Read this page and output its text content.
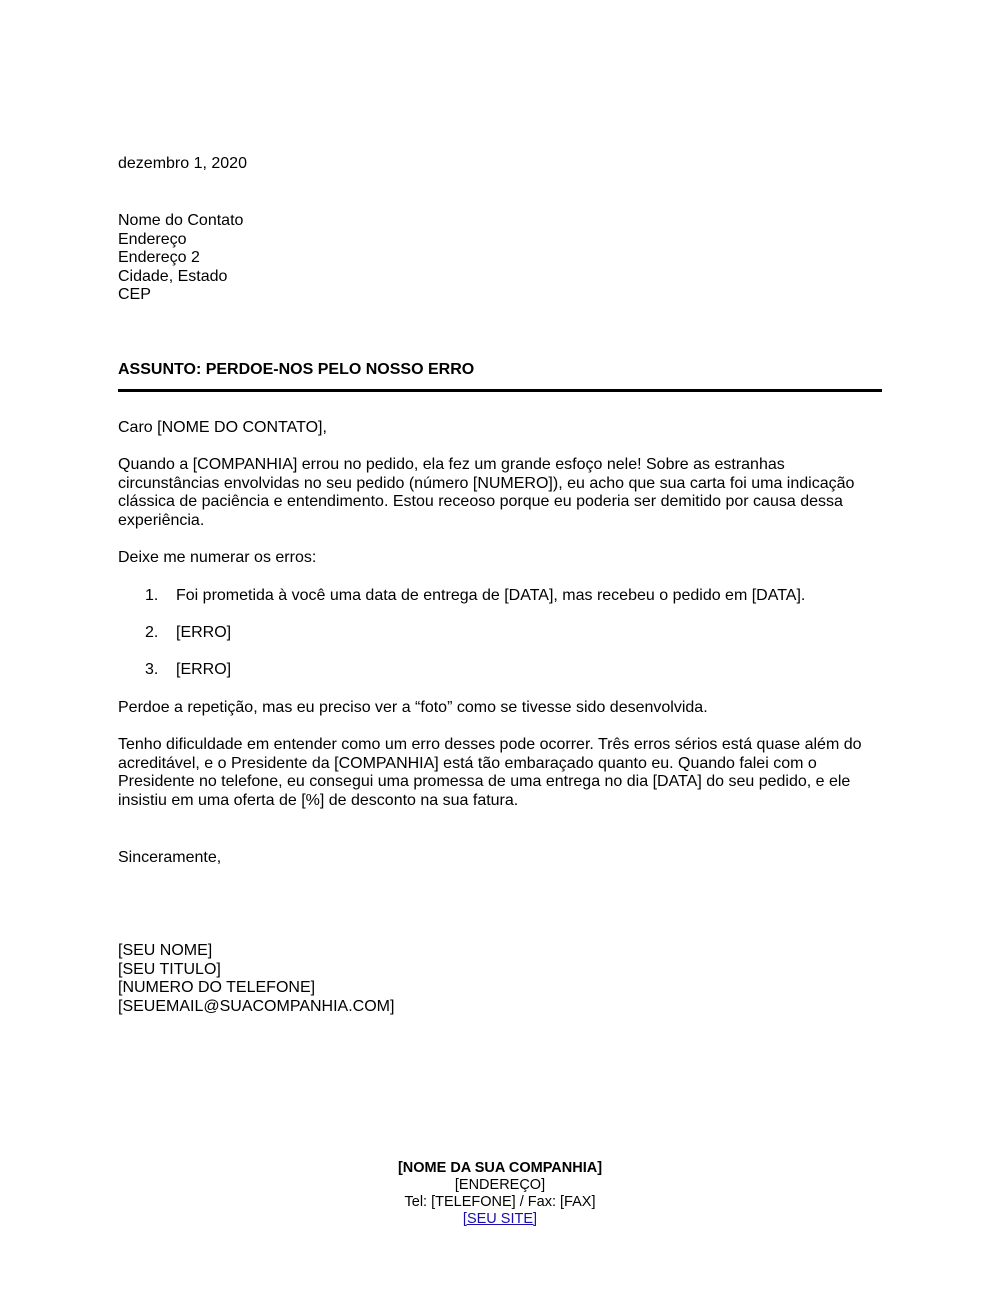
dezembro 1, 2020
Nome do Contato
Endereço
Endereço 2
Cidade, Estado
CEP
ASSUNTO: PERDOE-NOS PELO NOSSO ERRO
Caro [NOME DO CONTATO],
Quando a [COMPANHIA] errou no pedido, ela fez um grande esfoço nele! Sobre as estranhas
circunstâncias envolvidas no seu pedido (número [NUMERO]), eu acho que sua carta foi uma indicação
clássica de paciência e entendimento. Estou receoso porque eu poderia ser demitido por causa dessa
experiência.
Deixe me numerar os erros:
1. Foi prometida à você uma data de entrega de [DATA], mas recebeu o pedido em [DATA].
2. [ERRO]
3. [ERRO]
Perdoe a repetição, mas eu preciso ver a “foto” como se tivesse sido desenvolvida.
Tenho dificuldade em entender como um erro desses pode ocorrer. Três erros sérios está quase além do
acreditável, e o Presidente da [COMPANHIA] está tão embaraçado quanto eu. Quando falei com o
Presidente no telefone, eu consegui uma promessa de uma entrega no dia [DATA] do seu pedido, e ele
insistiu em uma oferta de [%] de desconto na sua fatura.
Sinceramente,
[SEU NOME]
[SEU TITULO]
[NUMERO DO TELEFONE]
[SEUEMAIL@SUACOMPANHIA.COM]
[NOME DA SUA COMPANHIA]
[ENDEREÇO]
Tel: [TELEFONE] / Fax: [FAX]
[SEU SITE]
